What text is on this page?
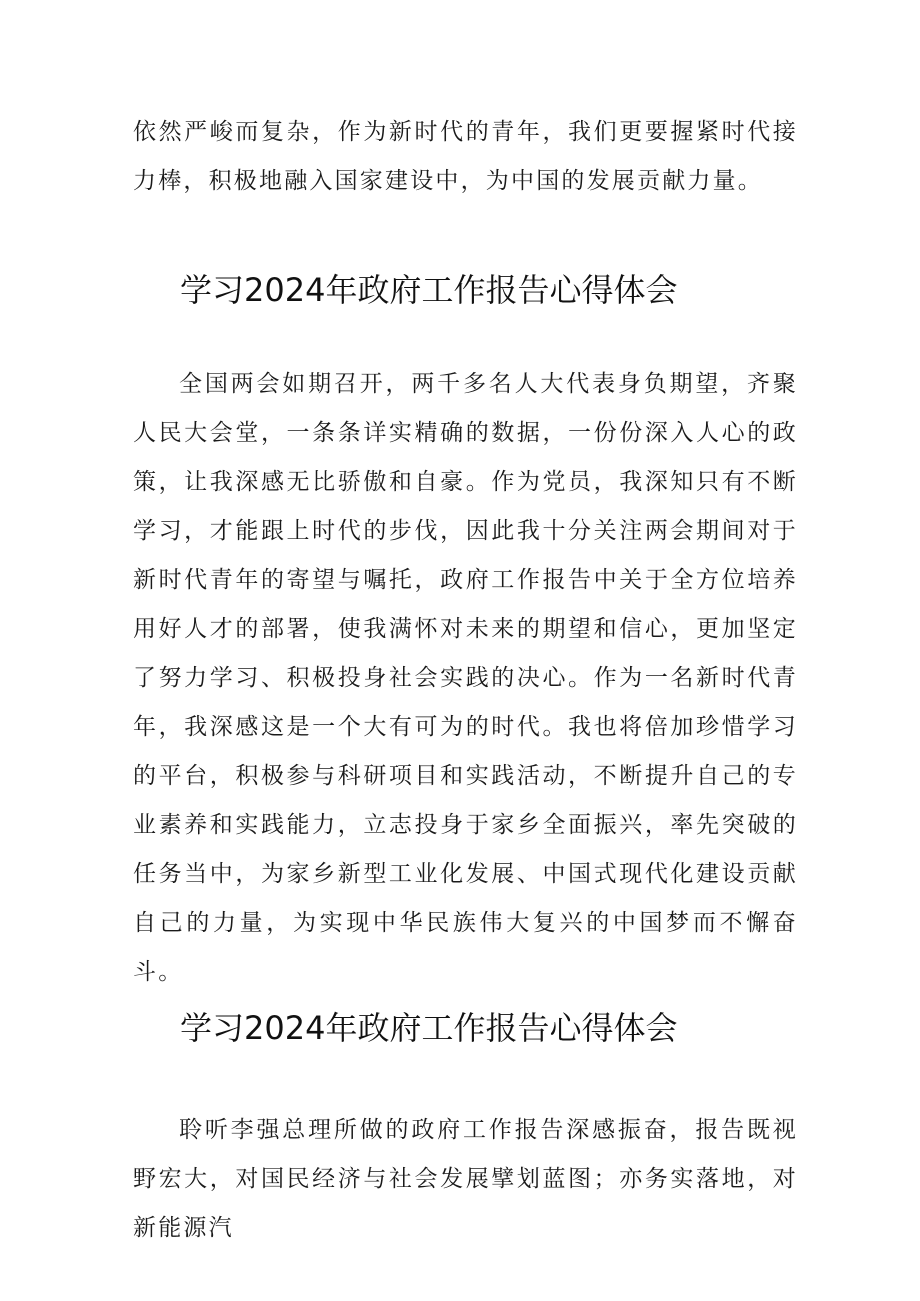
依然严峻而复杂，作为新时代的青年，我们更要握紧时代接力棒，积极地融入国家建设中，为中国的发展贡献力量。

学习2024年政府工作报告心得体会

全国两会如期召开，两千多名人大代表身负期望，齐聚人民大会堂，一条条详实精确的数据，一份份深入人心的政策，让我深感无比骄傲和自豪。作为党员，我深知只有不断学习，才能跟上时代的步伐，因此我十分关注两会期间对于新时代青年的寄望与嘱托，政府工作报告中关于全方位培养用好人才的部署，使我满怀对未来的期望和信心，更加坚定了努力学习、积极投身社会实践的决心。作为一名新时代青年，我深感这是一个大有可为的时代。我也将倍加珍惜学习的平台，积极参与科研项目和实践活动，不断提升自己的专业素养和实践能力，立志投身于家乡全面振兴，率先突破的任务当中，为家乡新型工业化发展、中国式现代化建设贡献自己的力量，为实现中华民族伟大复兴的中国梦而不懈奋斗。

学习2024年政府工作报告心得体会

聆听李强总理所做的政府工作报告深感振奋，报告既视野宏大，对国民经济与社会发展擘划蓝图；亦务实落地，对新能源汽
